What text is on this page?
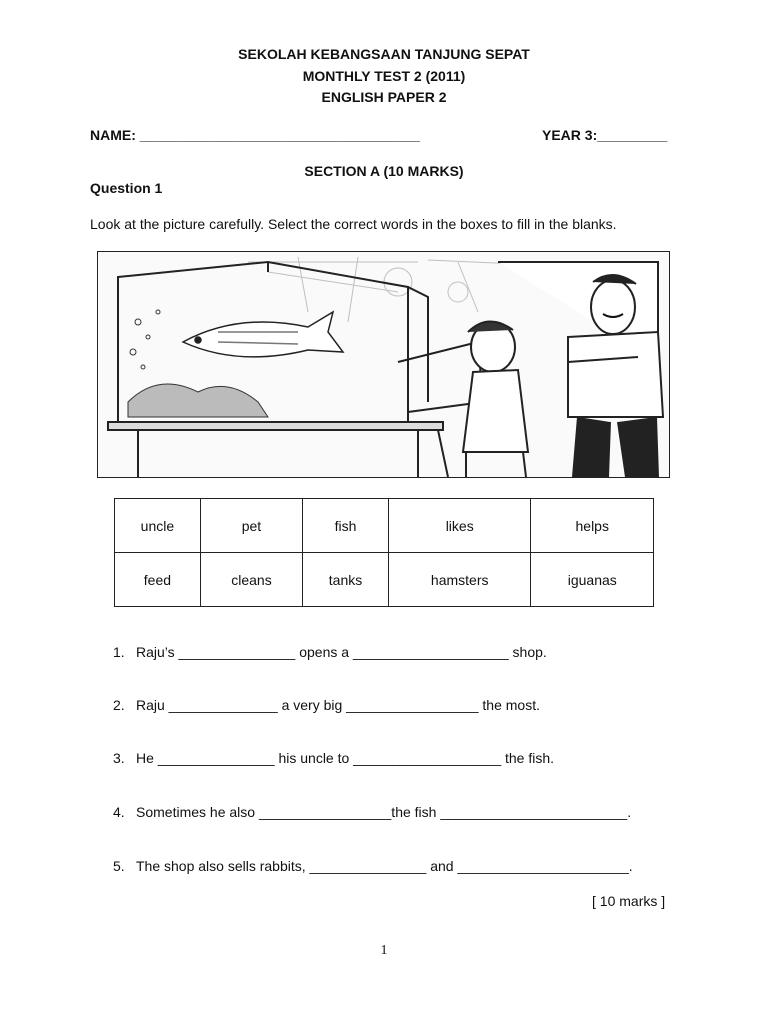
SEKOLAH KEBANGSAAN TANJUNG SEPAT
MONTHLY TEST 2 (2011)
ENGLISH PAPER 2
NAME: ____________________________________	YEAR 3:_________
SECTION A (10 MARKS)
Question 1
Look at the picture carefully. Select the correct words in the boxes to fill in the blanks.
uncle	pet	fish	likes	helps
feed	cleans	tanks	hamsters	iguanas
1. Raju’s _______________ opens a ____________________ shop.
2. Raju ______________ a very big _________________ the most.
3. He _______________ his uncle to ___________________ the fish.
4. Sometimes he also _________________the fish ________________________.
5. The shop also sells rabbits, _______________ and ______________________.
[ 10 marks ]
1
